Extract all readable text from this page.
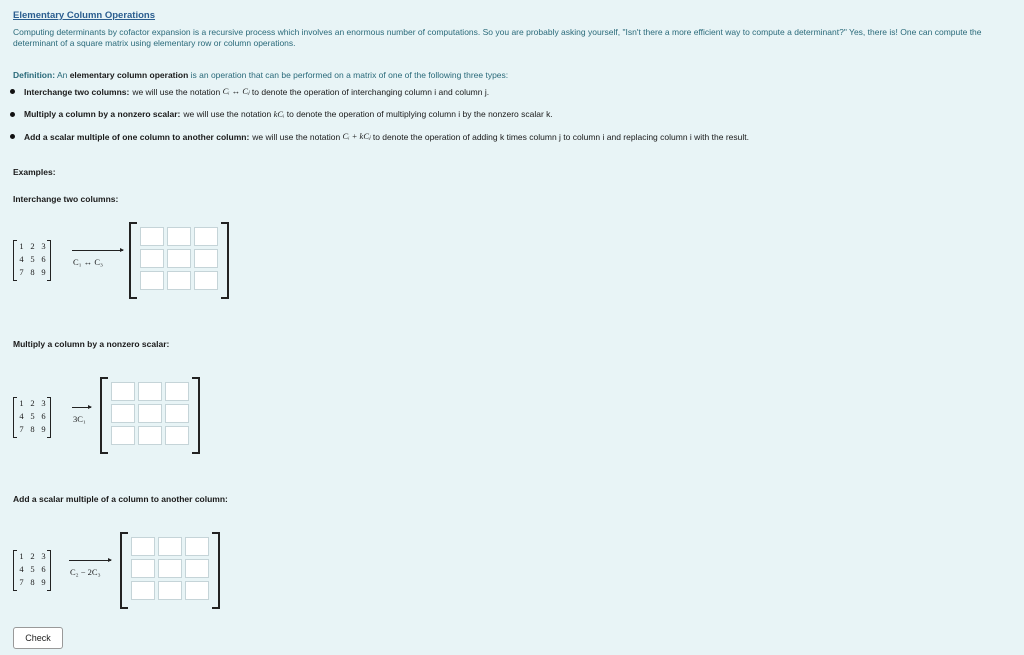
Elementary Column Operations
Computing determinants by cofactor expansion is a recursive process which involves an enormous number of computations. So you are probably asking yourself, "Isn't there a more efficient way to compute a determinant?" Yes, there is! One can compute the determinant of a square matrix using elementary row or column operations.
Definition: An elementary column operation is an operation that can be performed on a matrix of one of the following three types:
Interchange two columns: we will use the notation
Cᵢ ↔ Cⱼ
to denote the operation of interchanging column i and column j.
Multiply a column by a nonzero scalar: we will use the notation
kCᵢ
to denote the operation of multiplying column i by the nonzero scalar k.
Add a scalar multiple of one column to another column: we will use the notation
Cᵢ + kCⱼ
to denote the operation of adding k times column j to column i and replacing column i with the result.
Examples:
Interchange two columns:
1 2 3
4 5 6
7 8 9
C₁ ↔ C₃
Multiply a column by a nonzero scalar:
1 2 3
4 5 6
7 8 9
3C₁
Add a scalar multiple of a column to another column:
1 2 3
4 5 6
7 8 9
C₂ − 2C₃
Check
